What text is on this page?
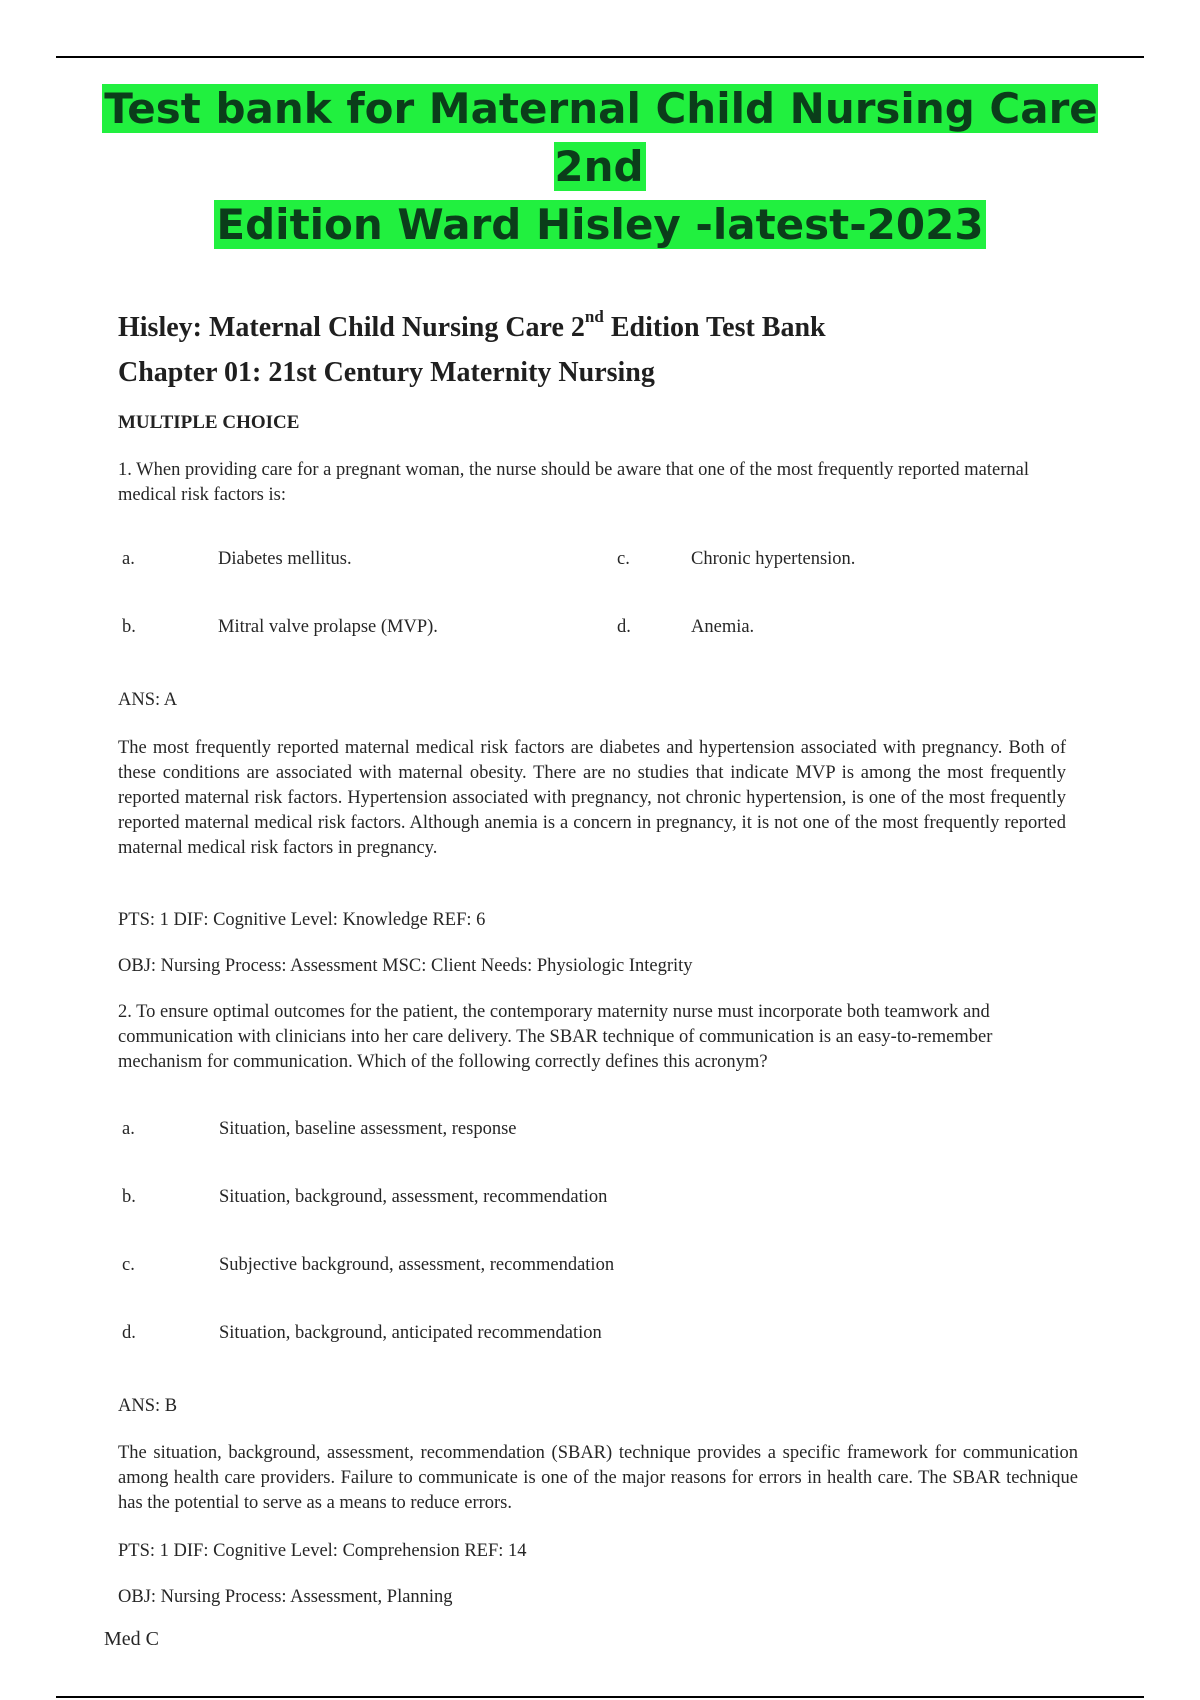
Test bank for Maternal Child Nursing Care 2nd
Edition Ward Hisley -latest-2023
Hisley: Maternal Child Nursing Care 2nd Edition Test Bank
Chapter 01: 21st Century Maternity Nursing
MULTIPLE CHOICE
1. When providing care for a pregnant woman, the nurse should be aware that one of the most frequently reported maternal medical risk factors is:
a.	Diabetes mellitus.	c.	Chronic hypertension.
b.	Mitral valve prolapse (MVP).	d.	Anemia.
ANS: A
The most frequently reported maternal medical risk factors are diabetes and hypertension associated with pregnancy. Both of these conditions are associated with maternal obesity. There are no studies that indicate MVP is among the most frequently reported maternal risk factors. Hypertension associated with pregnancy, not chronic hypertension, is one of the most frequently reported maternal medical risk factors. Although anemia is a concern in pregnancy, it is not one of the most frequently reported maternal medical risk factors in pregnancy.
PTS: 1 DIF: Cognitive Level: Knowledge REF: 6
OBJ: Nursing Process: Assessment MSC: Client Needs: Physiologic Integrity
2. To ensure optimal outcomes for the patient, the contemporary maternity nurse must incorporate both teamwork and communication with clinicians into her care delivery. The SBAR technique of communication is an easy-to-remember mechanism for communication. Which of the following correctly defines this acronym?
a.	Situation, baseline assessment, response
b.	Situation, background, assessment, recommendation
c.	Subjective background, assessment, recommendation
d.	Situation, background, anticipated recommendation
ANS: B
The situation, background, assessment, recommendation (SBAR) technique provides a specific framework for communication among health care providers. Failure to communicate is one of the major reasons for errors in health care. The SBAR technique has the potential to serve as a means to reduce errors.
PTS: 1 DIF: Cognitive Level: Comprehension REF: 14
OBJ: Nursing Process: Assessment, Planning
Med C
